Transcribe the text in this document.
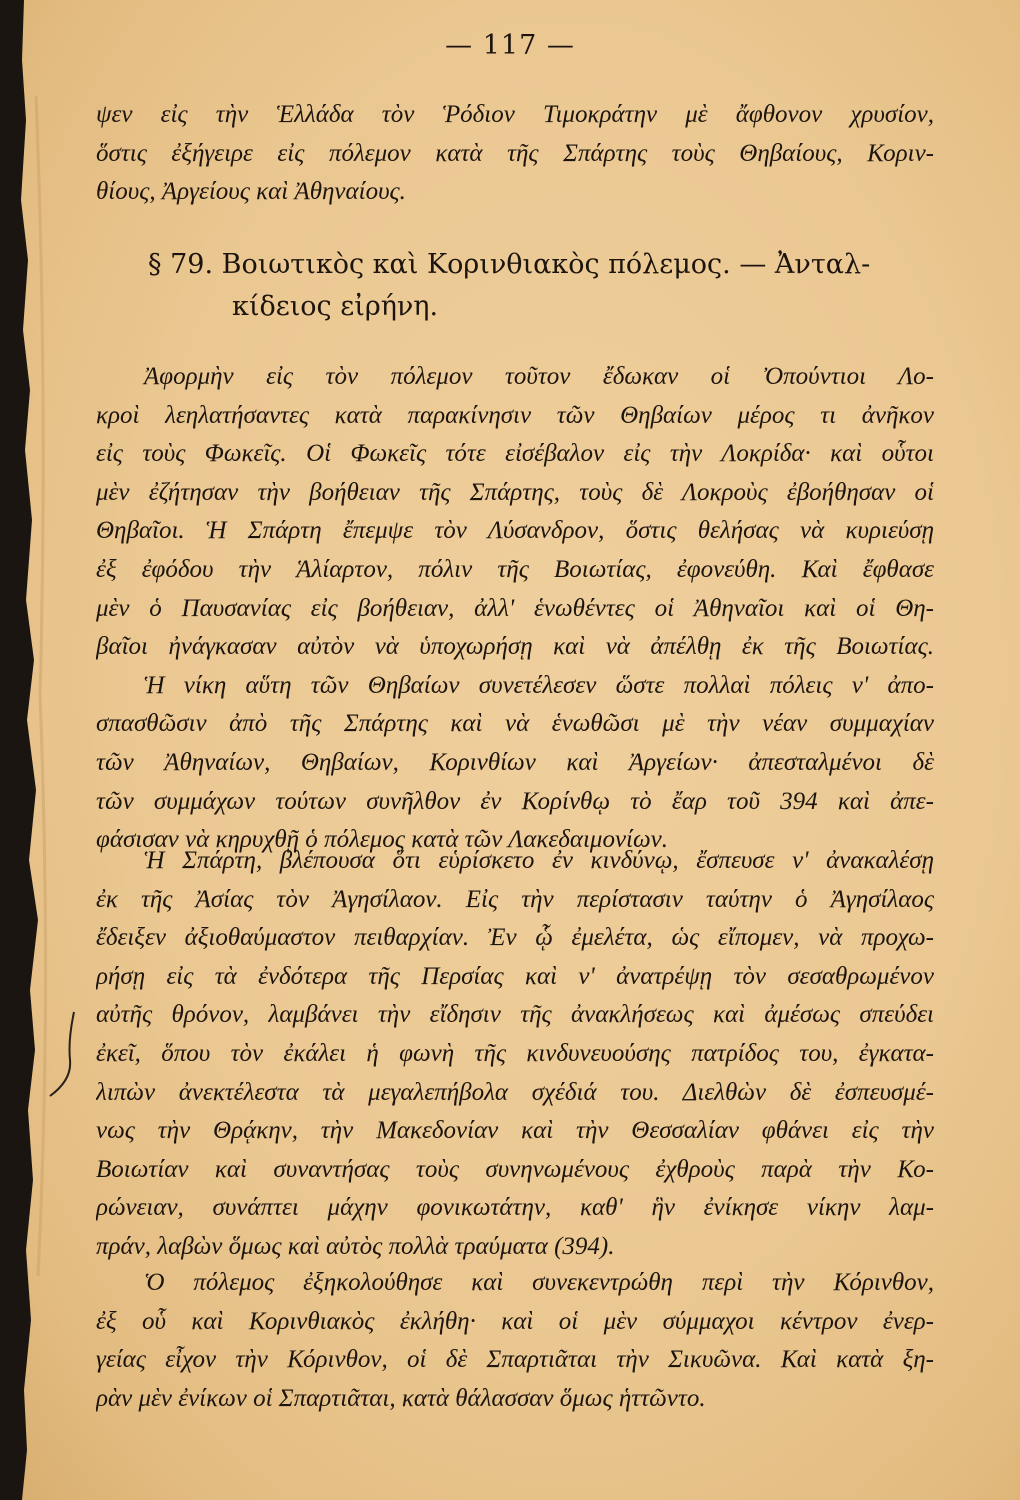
— 117 —
ψεν εἰς τὴν Ἑλλάδα τὸν Ῥόδιον Τιμοκράτην μὲ ἄφθονον χρυσίον,
ὅστις ἐξήγειρε εἰς πόλεμον κατὰ τῆς Σπάρτης τοὺς Θηβαίους, Κοριν-
θίους, Ἀργείους καὶ Ἀθηναίους.
§ 79. Βοιωτικὸς καὶ Κορινθιακὸς πόλεμος. — Ἀνταλ-
κίδειος εἰρήνη.
Ἀφορμὴν εἰς τὸν πόλεμον τοῦτον ἔδωκαν οἱ Ὀπούντιοι Λο-
κροὶ λεηλατήσαντες κατὰ παρακίνησιν τῶν Θηβαίων μέρος τι ἀνῆκον
εἰς τοὺς Φωκεῖς. Οἱ Φωκεῖς τότε εἰσέβαλον εἰς τὴν Λοκρίδα· καὶ οὗτοι
μὲν ἐζήτησαν τὴν βοήθειαν τῆς Σπάρτης, τοὺς δὲ Λοκροὺς ἐβοήθησαν οἱ
Θηβαῖοι. Ἡ Σπάρτη ἔπεμψε τὸν Λύσανδρον, ὅστις θελήσας νὰ κυριεύσῃ
ἐξ ἐφόδου τὴν Ἁλίαρτον, πόλιν τῆς Βοιωτίας, ἐφονεύθη. Καὶ ἔφθασε
μὲν ὁ Παυσανίας εἰς βοήθειαν, ἀλλ' ἑνωθέντες οἱ Ἀθηναῖοι καὶ οἱ Θη-
βαῖοι ἠνάγκασαν αὐτὸν νὰ ὑποχωρήσῃ καὶ νὰ ἀπέλθῃ ἐκ τῆς Βοιωτίας.
Ἡ νίκη αὕτη τῶν Θηβαίων συνετέλεσεν ὥστε πολλαὶ πόλεις ν' ἀπο-
σπασθῶσιν ἀπὸ τῆς Σπάρτης καὶ νὰ ἑνωθῶσι μὲ τὴν νέαν συμμαχίαν
τῶν Ἀθηναίων, Θηβαίων, Κορινθίων καὶ Ἀργείων· ἀπεσταλμένοι δὲ
τῶν συμμάχων τούτων συνῆλθον ἐν Κορίνθῳ τὸ ἔαρ τοῦ 394 καὶ ἀπε-
φάσισαν νὰ κηρυχθῇ ὁ πόλεμος κατὰ τῶν Λακεδαιμονίων.
Ἡ Σπάρτη, βλέπουσα ὅτι εὑρίσκετο ἐν κινδύνῳ, ἔσπευσε ν' ἀνακαλέσῃ
ἐκ τῆς Ἀσίας τὸν Ἀγησίλαον. Εἰς τὴν περίστασιν ταύτην ὁ Ἀγησίλαος
ἔδειξεν ἀξιοθαύμαστον πειθαρχίαν. Ἐν ᾧ ἐμελέτα, ὡς εἴπομεν, νὰ προχω-
ρήσῃ εἰς τὰ ἐνδότερα τῆς Περσίας καὶ ν' ἀνατρέψῃ τὸν σεσαθρωμένον
αὐτῆς θρόνον, λαμβάνει τὴν εἴδησιν τῆς ἀνακλήσεως καὶ ἀμέσως σπεύδει
ἐκεῖ, ὅπου τὸν ἐκάλει ἡ φωνὴ τῆς κινδυνευούσης πατρίδος του, ἐγκατα-
λιπὼν ἀνεκτέλεστα τὰ μεγαλεπήβολα σχέδιά του. Διελθὼν δὲ ἐσπευσμέ-
νως τὴν Θρᾴκην, τὴν Μακεδονίαν καὶ τὴν Θεσσαλίαν φθάνει εἰς τὴν
Βοιωτίαν καὶ συναντήσας τοὺς συνηνωμένους ἐχθροὺς παρὰ τὴν Κο-
ρώνειαν, συνάπτει μάχην φονικωτάτην, καθ' ἣν ἐνίκησε νίκην λαμ-
πράν, λαβὼν ὅμως καὶ αὐτὸς πολλὰ τραύματα (394).
Ὁ πόλεμος ἐξηκολούθησε καὶ συνεκεντρώθη περὶ τὴν Κόρινθον,
ἐξ οὗ καὶ Κορινθιακὸς ἐκλήθη· καὶ οἱ μὲν σύμμαχοι κέντρον ἐνερ-
γείας εἶχον τὴν Κόρινθον, οἱ δὲ Σπαρτιᾶται τὴν Σικυῶνα. Καὶ κατὰ ξη-
ρὰν μὲν ἐνίκων οἱ Σπαρτιᾶται, κατὰ θάλασσαν ὅμως ἡττῶντο.
